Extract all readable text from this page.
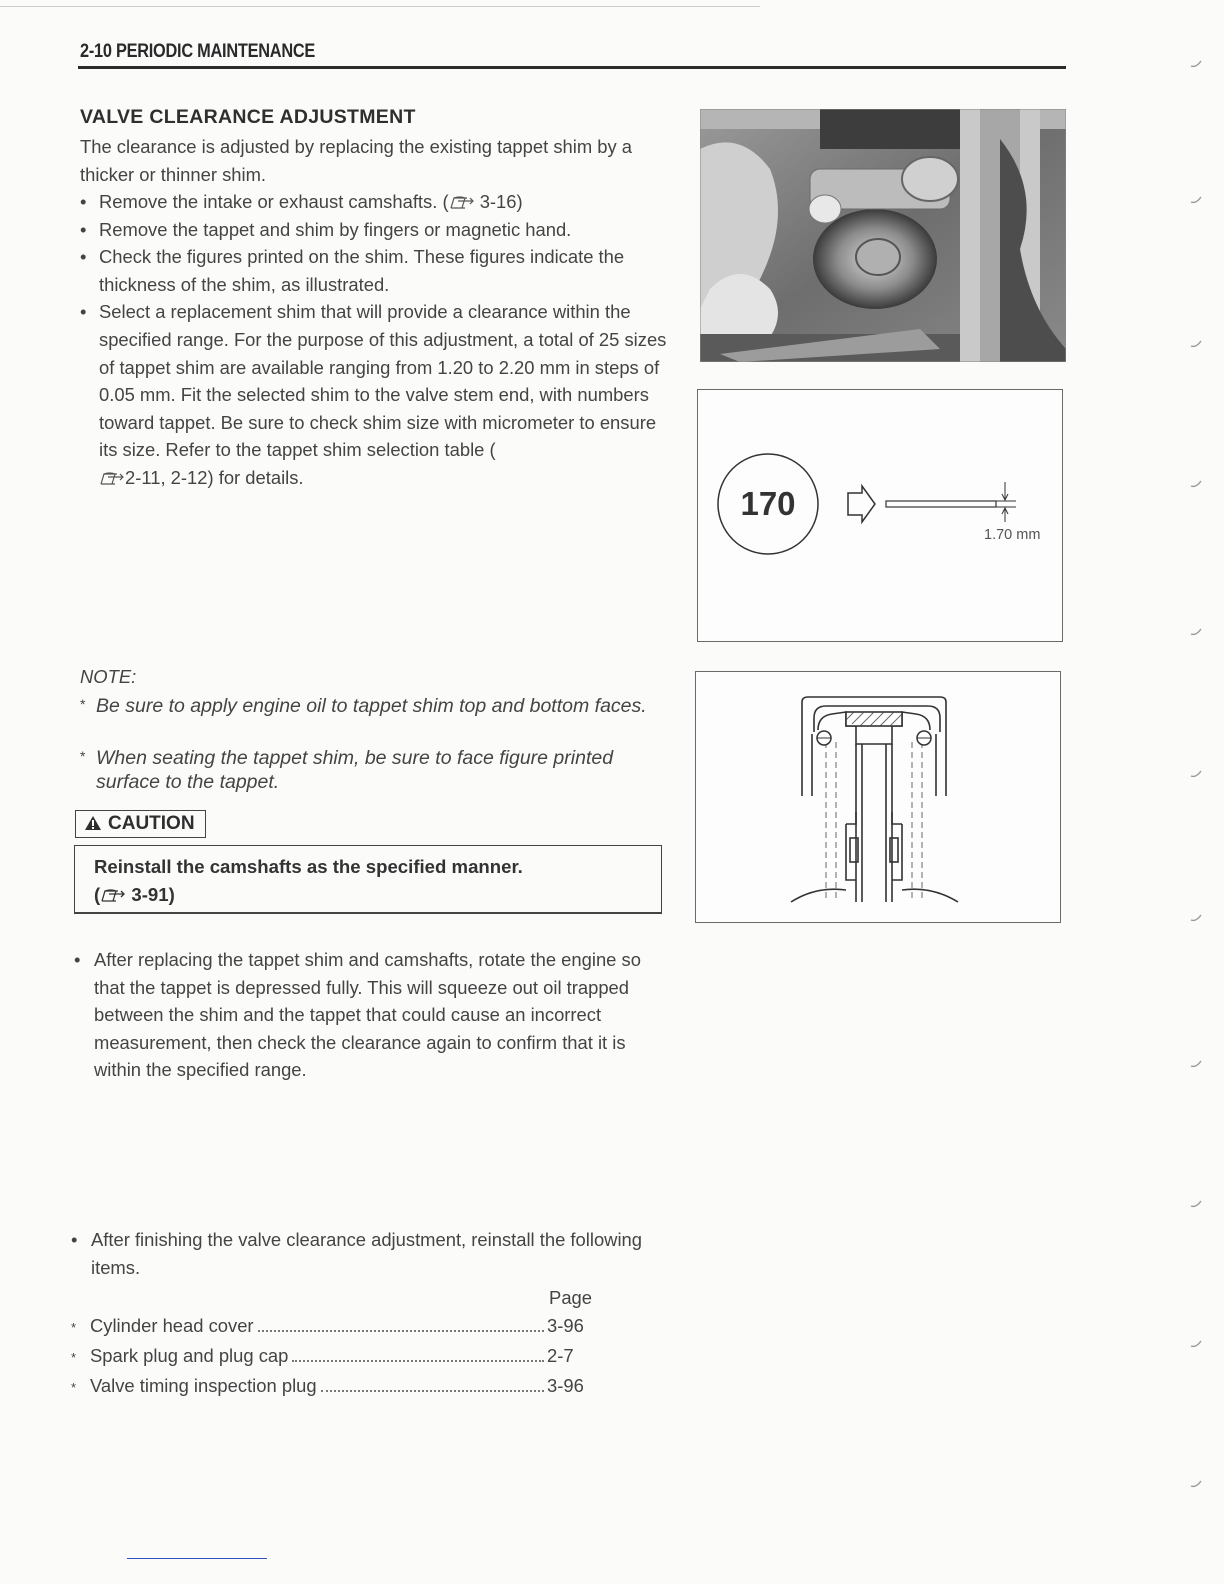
2-10 PERIODIC MAINTENANCE
VALVE CLEARANCE ADJUSTMENT
The clearance is adjusted by replacing the existing tappet shim by a thicker or thinner shim.
• Remove the intake or exhaust camshafts. ( 3-16)
• Remove the tappet and shim by fingers or magnetic hand.
• Check the figures printed on the shim. These figures indicate the thickness of the shim, as illustrated.
• Select a replacement shim that will provide a clearance within the specified range. For the purpose of this adjustment, a total of 25 sizes of tappet shim are available ranging from 1.20 to 2.20 mm in steps of 0.05 mm. Fit the selected shim to the valve stem end, with numbers toward tappet. Be sure to check shim size with micrometer to ensure its size. Refer to the tappet shim selection table (2-11, 2-12) for details.
170
1.70 mm
NOTE:
* Be sure to apply engine oil to tappet shim top and bottom faces.
* When seating the tappet shim, be sure to face figure printed surface to the tappet.
CAUTION
Reinstall the camshafts as the specified manner.
( 3-91)
• After replacing the tappet shim and camshafts, rotate the engine so that the tappet is depressed fully. This will squeeze out oil trapped between the shim and the tappet that could cause an incorrect measurement, then check the clearance again to confirm that it is within the specified range.
• After finishing the valve clearance adjustment, reinstall the following items.
Page
* Cylinder head cover	3-96
* Spark plug and plug cap	2-7
* Valve timing inspection plug	3-96
